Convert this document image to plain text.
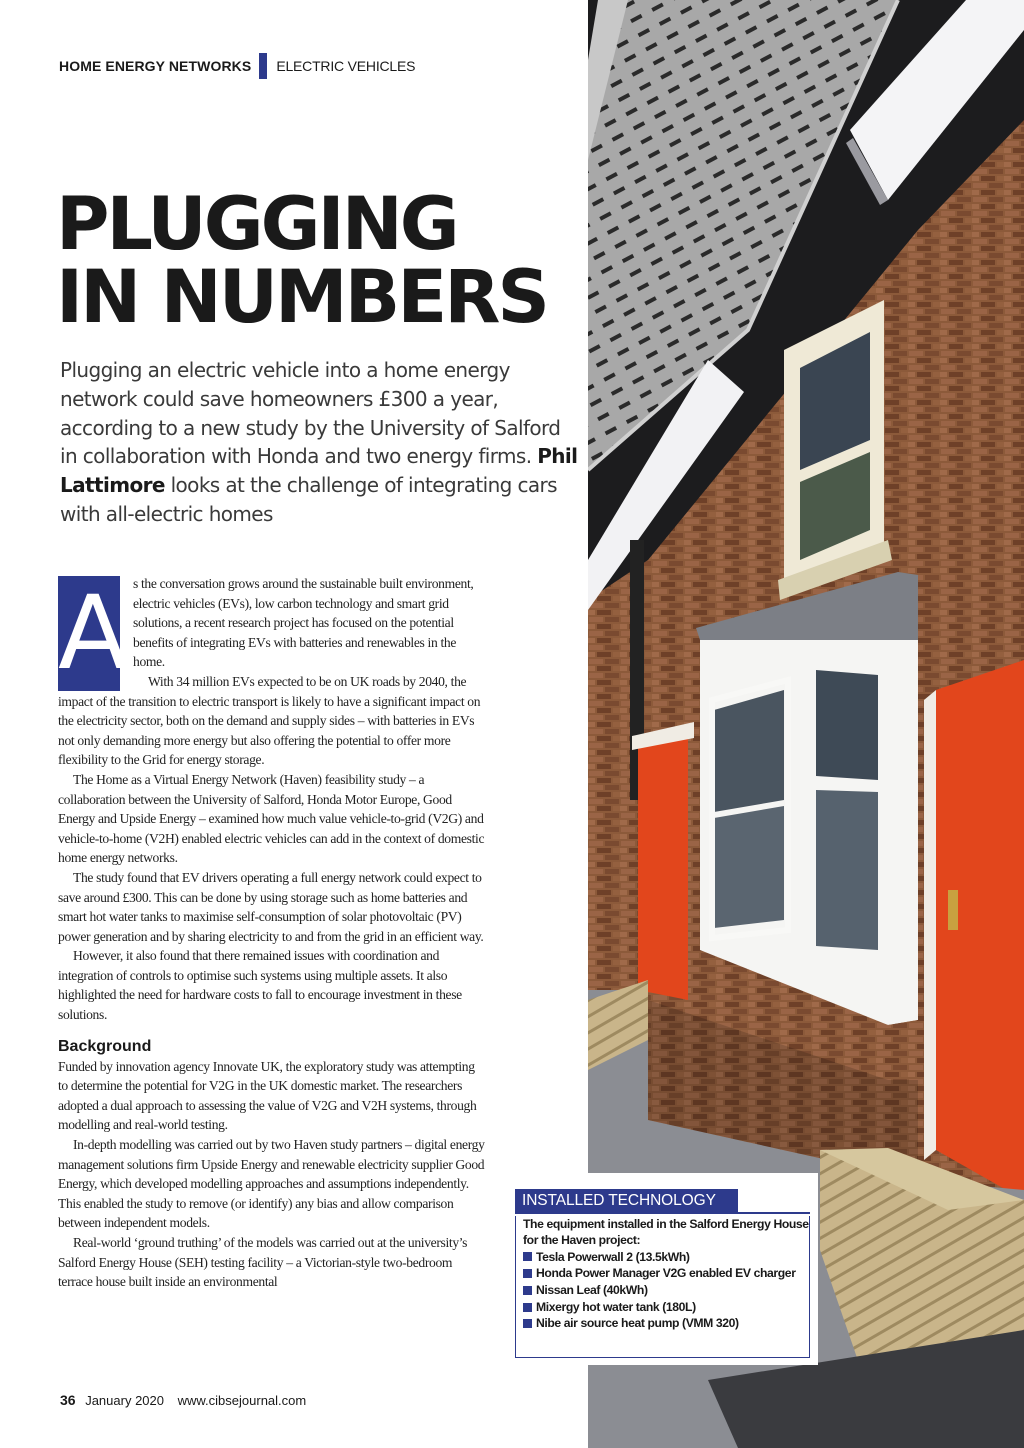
HOME ENERGY NETWORKS ELECTRIC VEHICLES
PLUGGING
IN NUMBERS

Plugging an electric vehicle into a home energy network could save homeowners £300 a year, according to a new study by the University of Salford in collaboration with Honda and two energy firms. Phil Lattimore looks at the challenge of integrating cars with all-electric homes

A s the conversation grows around the sustainable built environment, electric vehicles (EVs), low carbon technology and smart grid solutions, a recent research project has focused on the potential benefits of integrating EVs with batteries and renewables in the home.

With 34 million EVs expected to be on UK roads by 2040, the impact of the transition to electric transport is likely to have a significant impact on the electricity sector, both on the demand and supply sides – with batteries in EVs not only demanding more energy but also offering the potential to offer more flexibility to the Grid for energy storage.

The Home as a Virtual Energy Network (Haven) feasibility study – a collaboration between the University of Salford, Honda Motor Europe, Good Energy and Upside Energy – examined how much value vehicle-to-grid (V2G) and vehicle-to-home (V2H) enabled electric vehicles can add in the context of domestic home energy networks.

The study found that EV drivers operating a full energy network could expect to save around £300. This can be done by using storage such as home batteries and smart hot water tanks to maximise self-consumption of solar photovoltaic (PV) power generation and by sharing electricity to and from the grid in an efficient way.

However, it also found that there remained issues with coordination and integration of controls to optimise such systems using multiple assets. It also highlighted the need for hardware costs to fall to encourage investment in these solutions.

Background

Funded by innovation agency Innovate UK, the exploratory study was attempting to determine the potential for V2G in the UK domestic market. The researchers adopted a dual approach to assessing the value of V2G and V2H systems, through modelling and real-world testing.

In-depth modelling was carried out by two Haven study partners – digital energy management solutions firm Upside Energy and renewable electricity supplier Good Energy, which developed modelling approaches and assumptions independently. This enabled the study to remove (or identify) any bias and allow comparison between independent models.

Real-world ‘ground truthing’ of the models was carried out at the university’s Salford Energy House (SEH) testing facility – a Victorian-style two-bedroom terrace house built inside an environmental

INSTALLED TECHNOLOGY

The equipment installed in the Salford Energy House for the Haven project:

Tesla Powerwall 2 (13.5kWh)
Honda Power Manager V2G enabled EV charger
Nissan Leaf (40kWh)
Mixergy hot water tank (180L)
Nibe air source heat pump (VMM 320)
36 January 2020 www.cibsejournal.com
